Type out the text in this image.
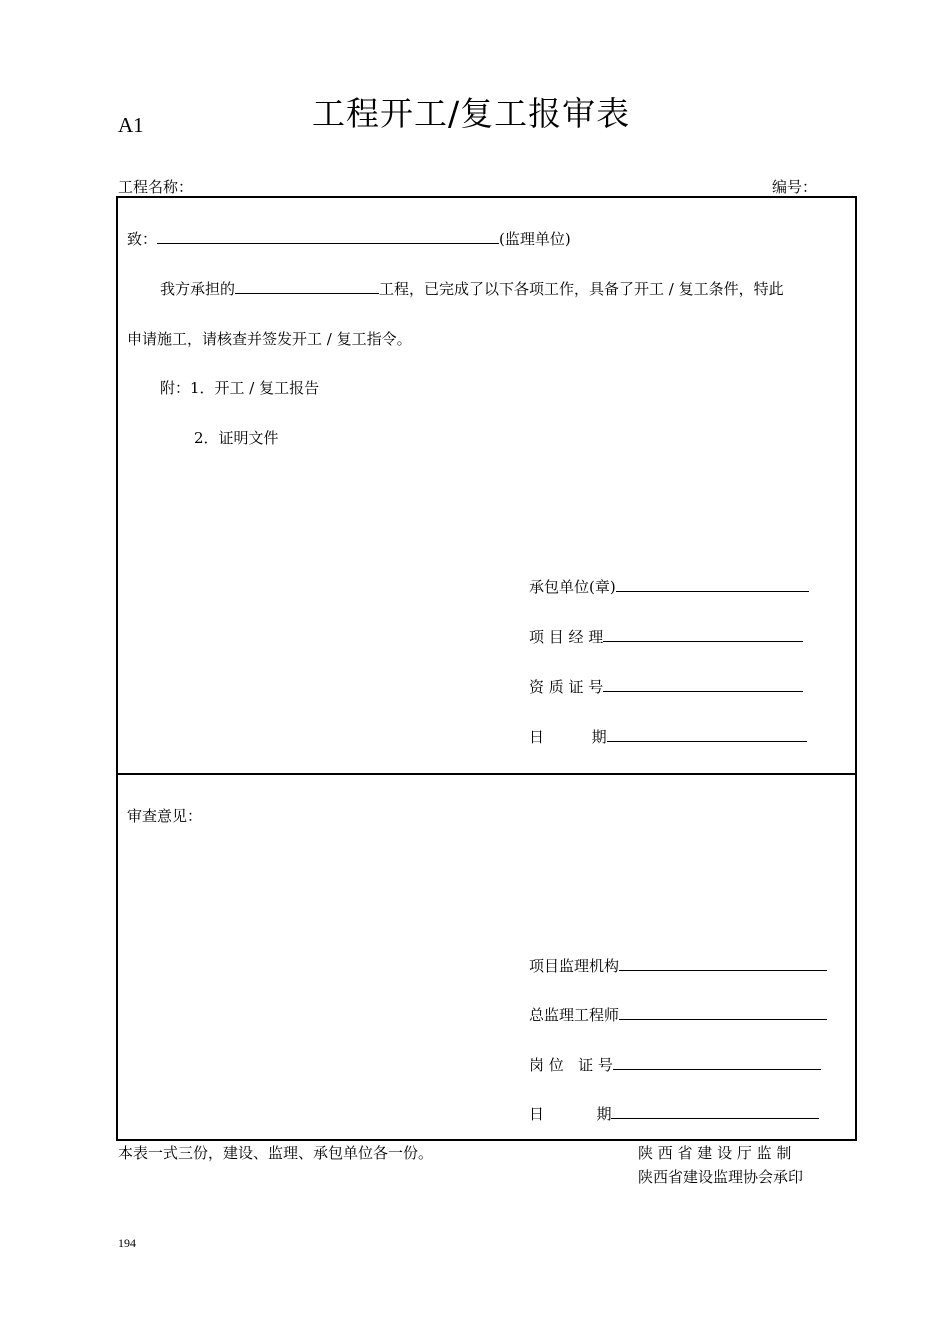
A1	工程开工/复工报审表
工程名称：	编号：
致：	(监理单位)
我方承担的	工程，已完成了以下各项工作，具备了开工 / 复工条件，特此
申请施工，请核查并签发开工 / 复工指令。
附：1．开工 / 复工报告
2．证明文件
承包单位(章)
项 目 经 理
资 质 证 号
日          期
审查意见：
项目监理机构
总监理工程师
岗 位   证 号
日           期
本表一式三份，建设、监理、承包单位各一份。	陕 西 省 建 设 厅 监 制
陕西省建设监理协会承印
194
